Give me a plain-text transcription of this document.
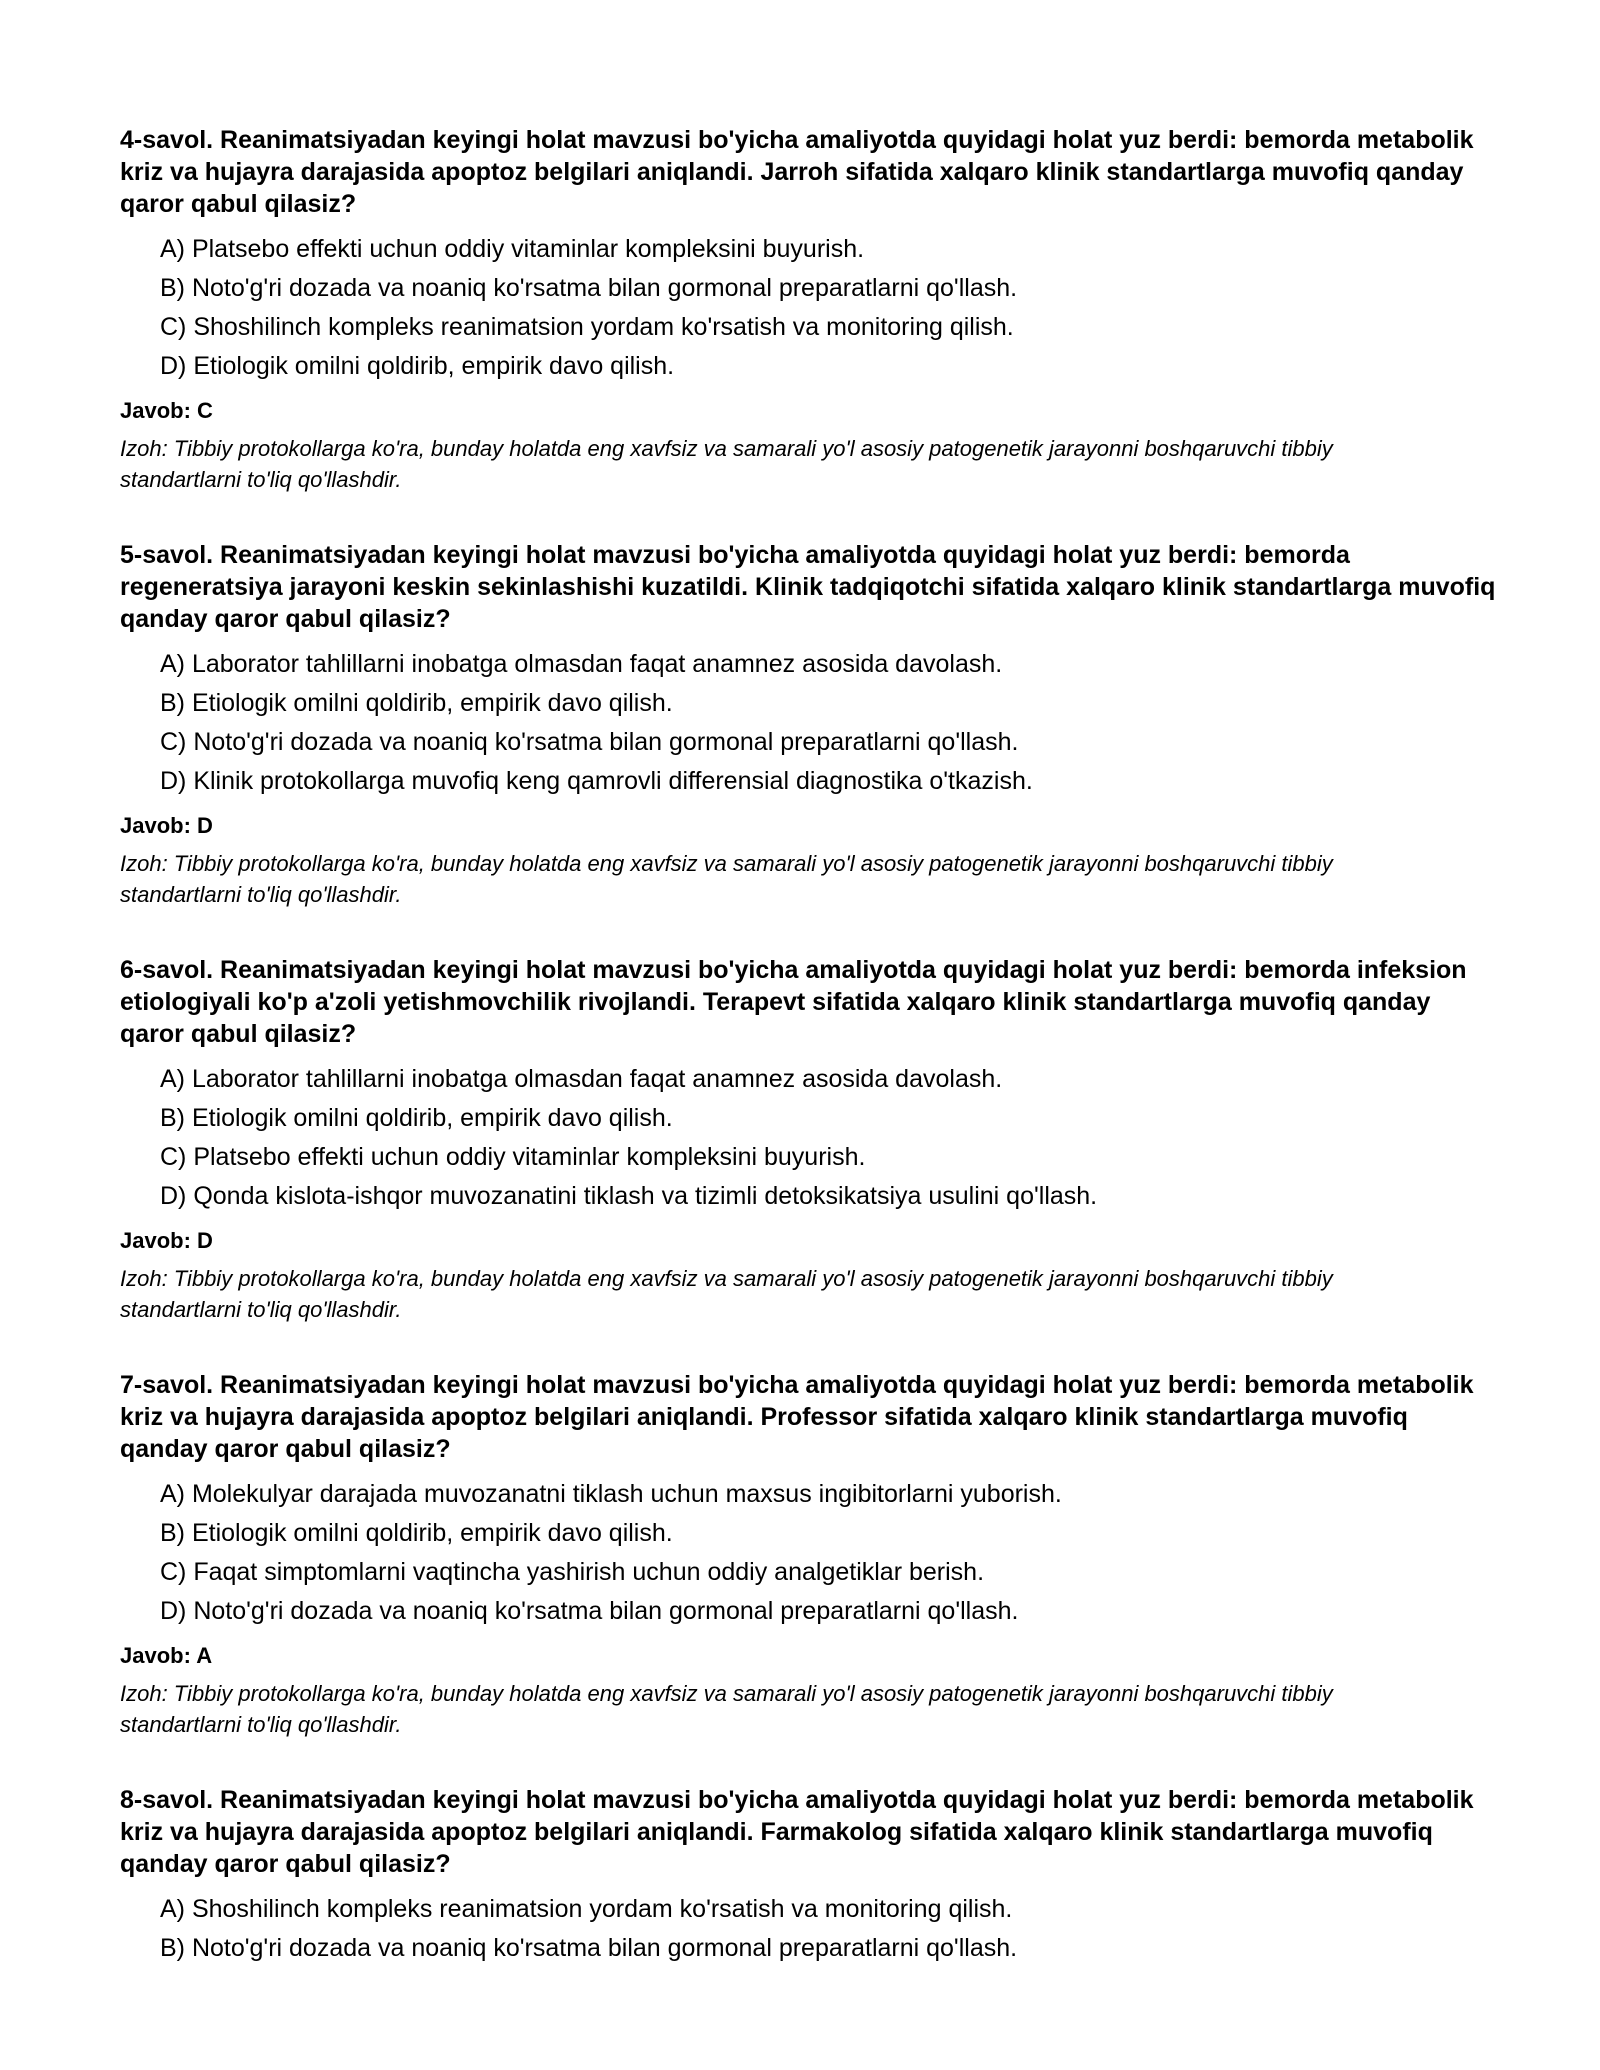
4-savol. Reanimatsiyadan keyingi holat mavzusi bo'yicha amaliyotda quyidagi holat yuz berdi: bemorda metabolik kriz va hujayra darajasida apoptoz belgilari aniqlandi. Jarroh sifatida xalqaro klinik standartlarga muvofiq qanday qaror qabul qilasiz?

A) Platsebo effekti uchun oddiy vitaminlar kompleksini buyurish.
B) Noto'g'ri dozada va noaniq ko'rsatma bilan gormonal preparatlarni qo'llash.
C) Shoshilinch kompleks reanimatsion yordam ko'rsatish va monitoring qilish.
D) Etiologik omilni qoldirib, empirik davo qilish.

Javob: C

Izoh: Tibbiy protokollarga ko'ra, bunday holatda eng xavfsiz va samarali yo'l asosiy patogenetik jarayonni boshqaruvchi tibbiy standartlarni to'liq qo'llashdir.

5-savol. Reanimatsiyadan keyingi holat mavzusi bo'yicha amaliyotda quyidagi holat yuz berdi: bemorda regeneratsiya jarayoni keskin sekinlashishi kuzatildi. Klinik tadqiqotchi sifatida xalqaro klinik standartlarga muvofiq qanday qaror qabul qilasiz?

A) Laborator tahlillarni inobatga olmasdan faqat anamnez asosida davolash.
B) Etiologik omilni qoldirib, empirik davo qilish.
C) Noto'g'ri dozada va noaniq ko'rsatma bilan gormonal preparatlarni qo'llash.
D) Klinik protokollarga muvofiq keng qamrovli differensial diagnostika o'tkazish.

Javob: D

Izoh: Tibbiy protokollarga ko'ra, bunday holatda eng xavfsiz va samarali yo'l asosiy patogenetik jarayonni boshqaruvchi tibbiy standartlarni to'liq qo'llashdir.

6-savol. Reanimatsiyadan keyingi holat mavzusi bo'yicha amaliyotda quyidagi holat yuz berdi: bemorda infeksion etiologiyali ko'p a'zoli yetishmovchilik rivojlandi. Terapevt sifatida xalqaro klinik standartlarga muvofiq qanday qaror qabul qilasiz?

A) Laborator tahlillarni inobatga olmasdan faqat anamnez asosida davolash.
B) Etiologik omilni qoldirib, empirik davo qilish.
C) Platsebo effekti uchun oddiy vitaminlar kompleksini buyurish.
D) Qonda kislota-ishqor muvozanatini tiklash va tizimli detoksikatsiya usulini qo'llash.

Javob: D

Izoh: Tibbiy protokollarga ko'ra, bunday holatda eng xavfsiz va samarali yo'l asosiy patogenetik jarayonni boshqaruvchi tibbiy standartlarni to'liq qo'llashdir.

7-savol. Reanimatsiyadan keyingi holat mavzusi bo'yicha amaliyotda quyidagi holat yuz berdi: bemorda metabolik kriz va hujayra darajasida apoptoz belgilari aniqlandi. Professor sifatida xalqaro klinik standartlarga muvofiq qanday qaror qabul qilasiz?

A) Molekulyar darajada muvozanatni tiklash uchun maxsus ingibitorlarni yuborish.
B) Etiologik omilni qoldirib, empirik davo qilish.
C) Faqat simptomlarni vaqtincha yashirish uchun oddiy analgetiklar berish.
D) Noto'g'ri dozada va noaniq ko'rsatma bilan gormonal preparatlarni qo'llash.

Javob: A

Izoh: Tibbiy protokollarga ko'ra, bunday holatda eng xavfsiz va samarali yo'l asosiy patogenetik jarayonni boshqaruvchi tibbiy standartlarni to'liq qo'llashdir.

8-savol. Reanimatsiyadan keyingi holat mavzusi bo'yicha amaliyotda quyidagi holat yuz berdi: bemorda metabolik kriz va hujayra darajasida apoptoz belgilari aniqlandi. Farmakolog sifatida xalqaro klinik standartlarga muvofiq qanday qaror qabul qilasiz?

A) Shoshilinch kompleks reanimatsion yordam ko'rsatish va monitoring qilish.
B) Noto'g'ri dozada va noaniq ko'rsatma bilan gormonal preparatlarni qo'llash.
